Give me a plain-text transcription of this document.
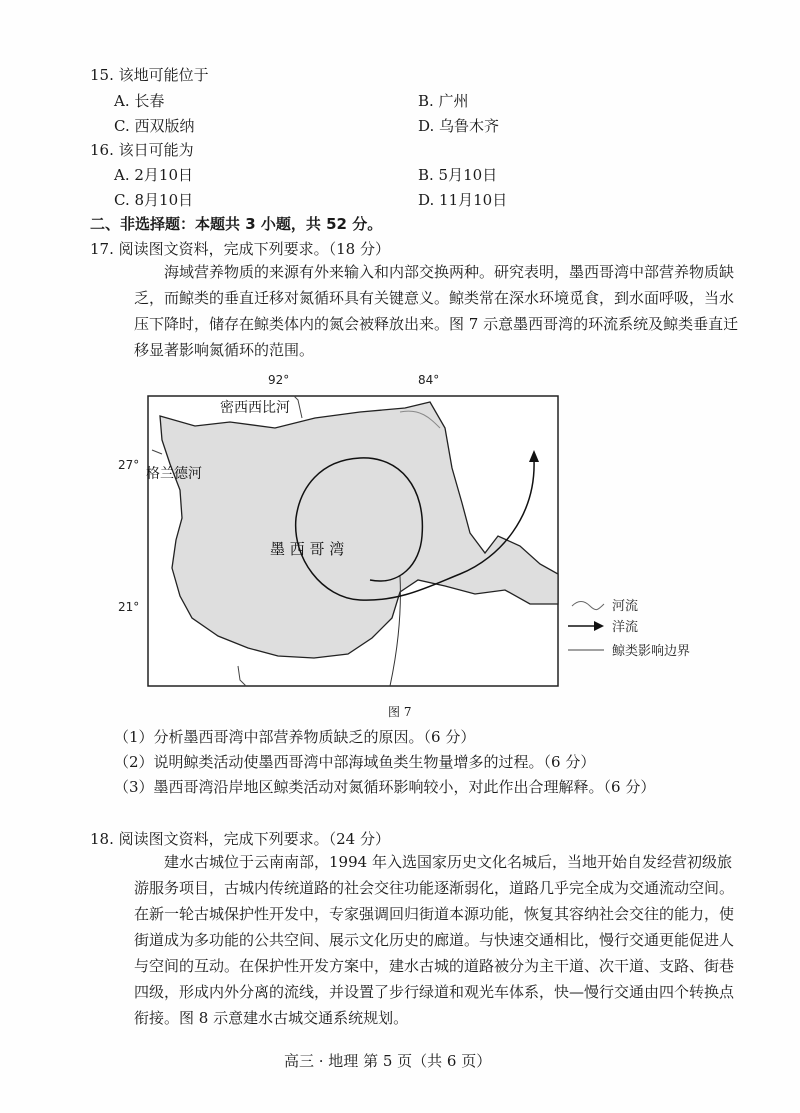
15. 该地可能位于
A. 长春	B. 广州
C. 西双版纳	D. 乌鲁木齐
16. 该日可能为
A. 2月10日	B. 5月10日
C. 8月10日	D. 11月10日
二、非选择题：本题共 3 小题，共 52 分。
17. 阅读图文资料，完成下列要求。（18 分）
海域营养物质的来源有外来输入和内部交换两种。研究表明，墨西哥湾中部营养物质缺乏，而鲸类的垂直迁移对氮循环具有关键意义。鲸类常在深水环境觅食，到水面呼吸，当水压下降时，储存在鲸类体内的氮会被释放出来。图 7 示意墨西哥湾的环流系统及鲸类垂直迁移显著影响氮循环的范围。
92°	84°
27°
21°
密西西比河
格兰德河
墨 西 哥 湾
河流
洋流
鲸类影响边界
图 7
（1）分析墨西哥湾中部营养物质缺乏的原因。（6 分）
（2）说明鲸类活动使墨西哥湾中部海域鱼类生物量增多的过程。（6 分）
（3）墨西哥湾沿岸地区鲸类活动对氮循环影响较小，对此作出合理解释。（6 分）
18. 阅读图文资料，完成下列要求。（24 分）
建水古城位于云南南部，1994 年入选国家历史文化名城后，当地开始自发经营初级旅游服务项目，古城内传统道路的社会交往功能逐渐弱化，道路几乎完全成为交通流动空间。在新一轮古城保护性开发中，专家强调回归街道本源功能，恢复其容纳社会交往的能力，使街道成为多功能的公共空间、展示文化历史的廊道。与快速交通相比，慢行交通更能促进人与空间的互动。在保护性开发方案中，建水古城的道路被分为主干道、次干道、支路、街巷四级，形成内外分离的流线，并设置了步行绿道和观光车体系，快—慢行交通由四个转换点衔接。图 8 示意建水古城交通系统规划。
高三 · 地理 第 5 页（共 6 页）
